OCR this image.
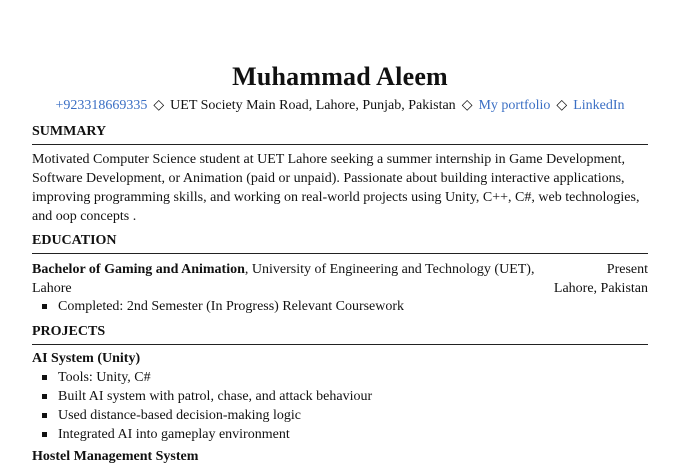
Muhammad Aleem
+923318669335 ◇ UET Society Main Road, Lahore, Punjab, Pakistan ◇ My portfolio ◇ LinkedIn
SUMMARY
Motivated Computer Science student at UET Lahore seeking a summer internship in Game Development, Software Development, or Animation (paid or unpaid). Passionate about building interactive applications, improving programming skills, and working on real-world projects using Unity, C++, C#, web technologies, and oop concepts .
EDUCATION
Bachelor of Gaming and Animation, University of Engineering and Technology (UET),	Present
Lahore	Lahore, Pakistan
Completed: 2nd Semester (In Progress) Relevant Coursework
PROJECTS
AI System (Unity)
Tools: Unity, C#
Built AI system with patrol, chase, and attack behaviour
Used distance-based decision-making logic
Integrated AI into gameplay environment
Hostel Management System
